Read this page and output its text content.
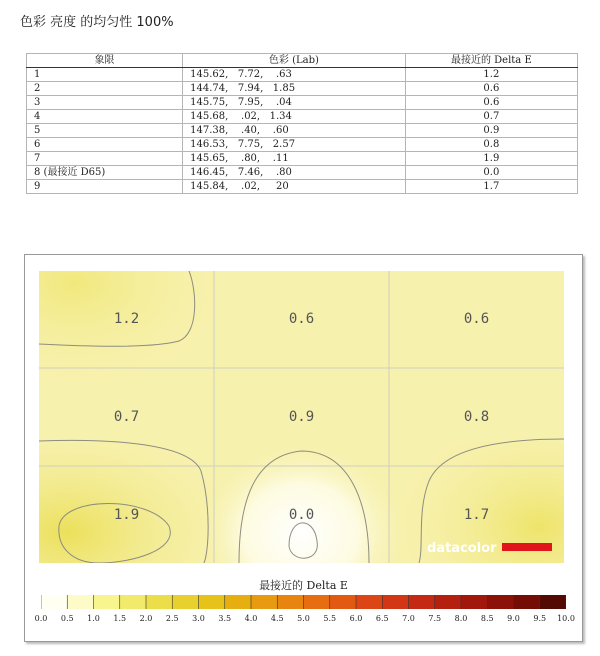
色彩 亮度 的均匀性 100%
象限	色彩 (Lab)	最接近的 Delta E
1	145.62,   7.72,    .63	1.2
2	144.74,   7.94,   1.85	0.6
3	145.75,   7.95,    .04	0.6
4	145.68,    .02,   1.34	0.7
5	147.38,    .40,    .60	0.9
6	146.53,   7.75,   2.57	0.8
7	145.65,    .80,    .11	1.9
8 (最接近 D65)	146.45,   7.46,    .80	0.0
9	145.84,    .02,     20	1.7
1.2	0.6	0.6
0.7	0.9	0.8
1.9	0.0	1.7
datacolor
最接近的 Delta E
0.0 0.5 1.0 1.5 2.0 2.5 3.0 3.5 4.0 4.5 5.0 5.5 6.0 6.5 7.0 7.5 8.0 8.5 9.0 9.5 10.0
